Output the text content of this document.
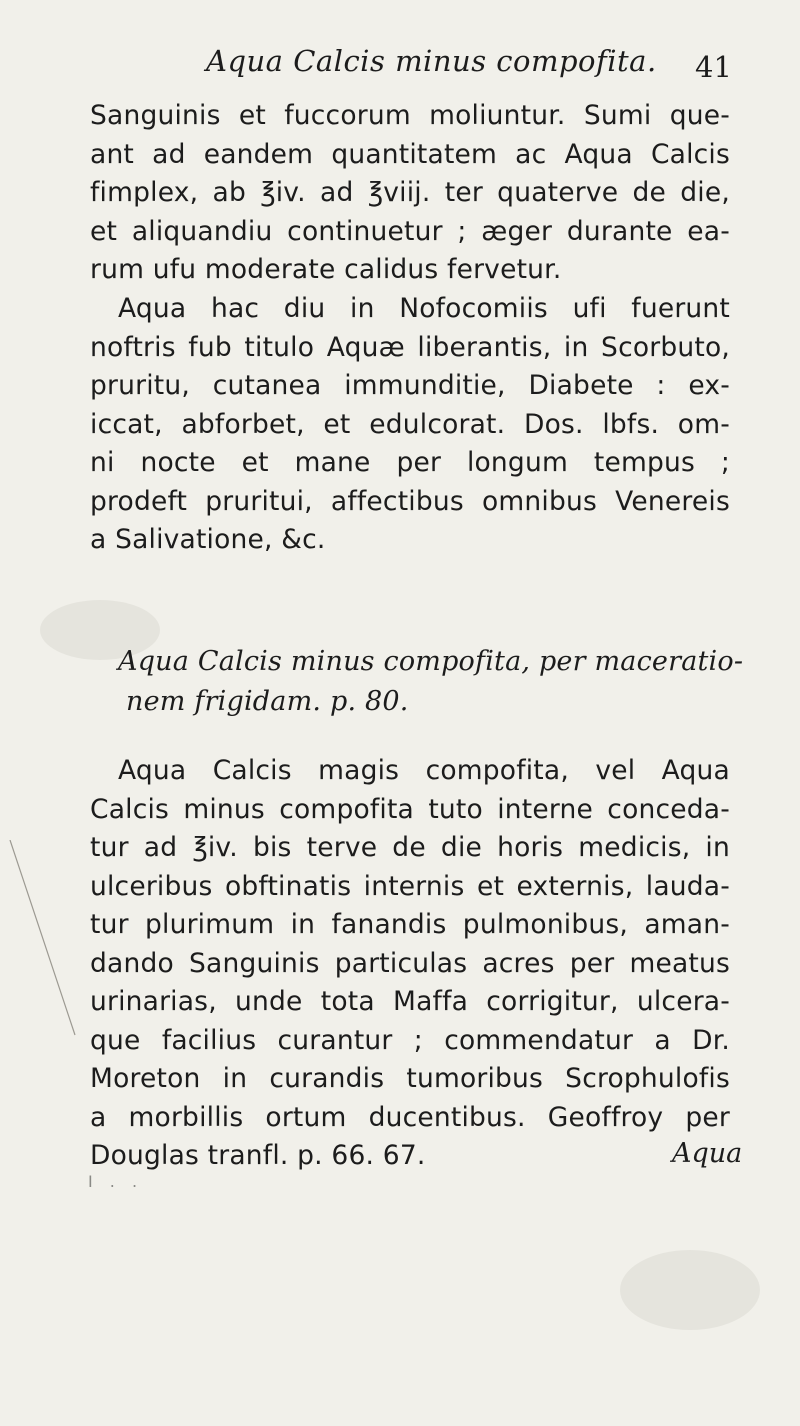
Aqua Calcis minus compofita. 41
Sanguinis et fuccorum moliuntur. Sumi que-
ant ad eandem quantitatem ac Aqua Calcis
fimplex, ab ℥iv. ad ℥viij. ter quaterve de die,
et aliquandiu continuetur ; æger durante ea-
rum ufu moderate calidus fervetur.
Aqua hac diu in Nofocomiis ufi fuerunt
noftris fub titulo Aquæ liberantis, in Scorbuto,
pruritu, cutanea immunditie, Diabete : ex-
iccat, abforbet, et edulcorat. Dos. lbfs. om-
ni nocte et mane per longum tempus ;
prodeft pruritui, affectibus omnibus Venereis
a Salivatione, &c.
Aqua Calcis minus compofita, per maceratio-
nem frigidam. p. 80.
Aqua Calcis magis compofita, vel Aqua
Calcis minus compofita tuto interne conceda-
tur ad ℥iv. bis terve de die horis medicis, in
ulceribus obftinatis internis et externis, lauda-
tur plurimum in fanandis pulmonibus, aman-
dando Sanguinis particulas acres per meatus
urinarias, unde tota Maffa corrigitur, ulcera-
que facilius curantur ; commendatur a Dr.
Moreton in curandis tumoribus Scrophulofis
a morbillis ortum ducentibus. Geoffroy per
Douglas tranfl. p. 66. 67.	Aqua
I . .
